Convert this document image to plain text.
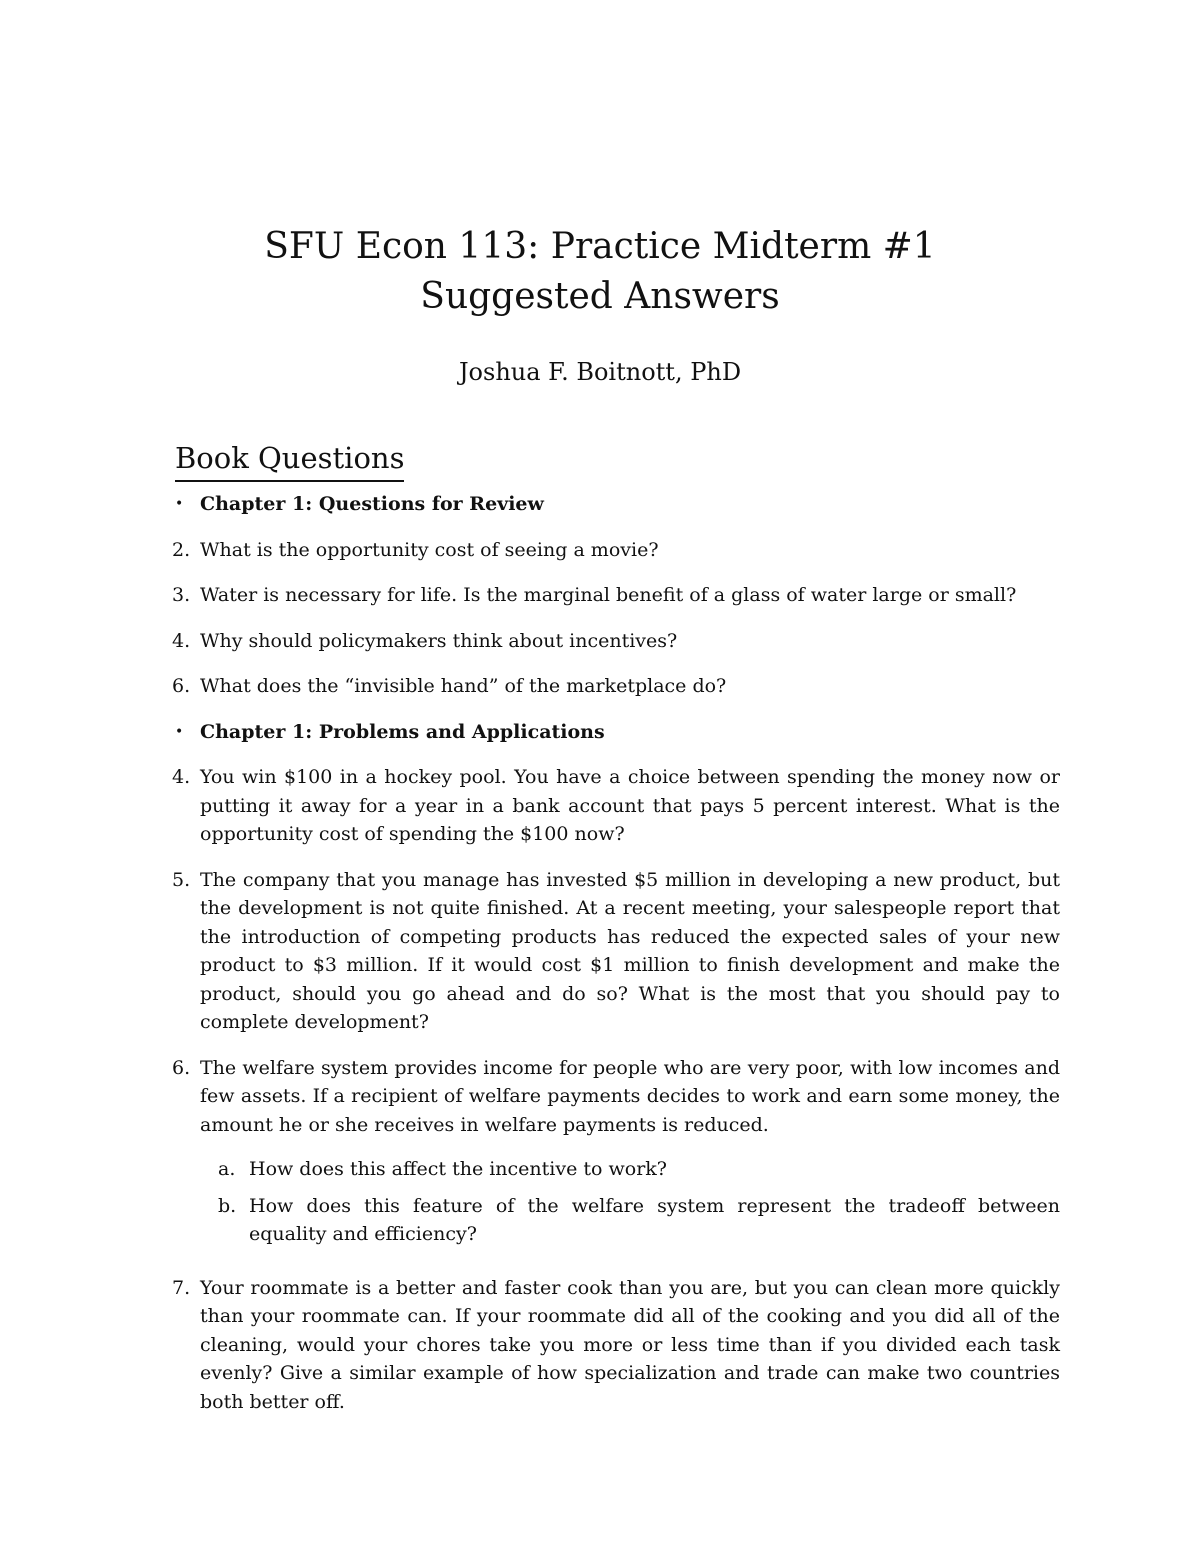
SFU Econ 113: Practice Midterm #1

Suggested Answers

Joshua F. Boitnott, PhD
Book Questions
• Chapter 1: Questions for Review
2. What is the opportunity cost of seeing a movie?
3. Water is necessary for life. Is the marginal benefit of a glass of water large or small?
4. Why should policymakers think about incentives?
6. What does the “invisible hand” of the marketplace do?
• Chapter 1: Problems and Applications
4. You win $100 in a hockey pool. You have a choice between spending the money now or putting it away for a year in a bank account that pays 5 percent interest. What is the opportunity cost of spending the $100 now?
5. The company that you manage has invested $5 million in developing a new product, but the development is not quite finished. At a recent meeting, your salespeople report that the introduction of competing products has reduced the expected sales of your new product to $3 million. If it would cost $1 million to finish development and make the product, should you go ahead and do so? What is the most that you should pay to complete development?
6. The welfare system provides income for people who are very poor, with low incomes and few assets. If a recipient of welfare payments decides to work and earn some money, the amount he or she receives in welfare payments is reduced.
a. How does this affect the incentive to work?
b. How does this feature of the welfare system represent the tradeoff between equality and efficiency?
7. Your roommate is a better and faster cook than you are, but you can clean more quickly than your roommate can. If your roommate did all of the cooking and you did all of the cleaning, would your chores take you more or less time than if you divided each task evenly? Give a similar example of how specialization and trade can make two countries both better off.
